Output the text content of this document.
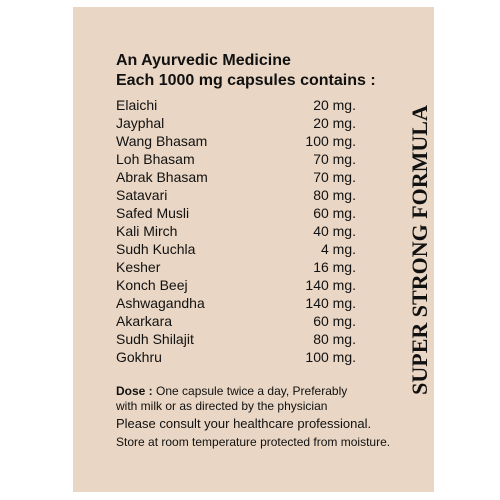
An Ayurvedic Medicine
Each 1000 mg capsules contains :
Elaichi	20 mg.
Jayphal	20 mg.
Wang Bhasam	100 mg.
Loh Bhasam	70 mg.
Abrak Bhasam	70 mg.
Satavari	80 mg.
Safed Musli	60 mg.
Kali Mirch	40 mg.
Sudh Kuchla	4 mg.
Kesher	16 mg.
Konch Beej	140 mg.
Ashwagandha	140 mg.
Akarkara	60 mg.
Sudh Shilajit	80 mg.
Gokhru	100 mg. SUPER STRONG FORMULA
Dose : One capsule twice a day, Preferably
with milk or as directed by the physician
Please consult your healthcare professional.
Store at room temperature protected from moisture.
